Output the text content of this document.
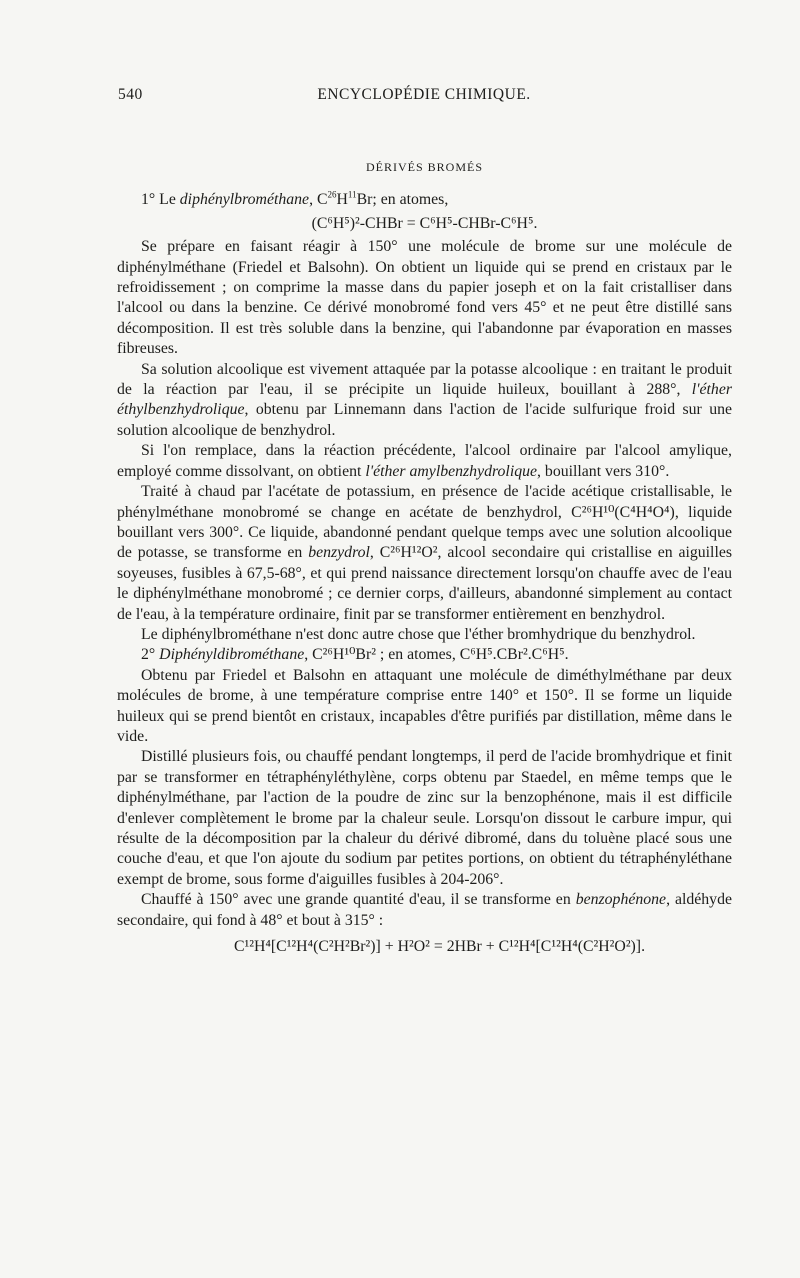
540	ENCYCLOPÉDIE CHIMIQUE.
DÉRIVÉS BROMÉS

1° Le diphénylbrométhane, $C^{26}H^{11}Br$; en atomes,

(C⁶H⁵)²-CHBr = C⁶H⁵-CHBr-C⁶H⁵.

Se prépare en faisant réagir à 150° une molécule de brome sur une molécule de diphénylméthane (Friedel et Balsohn). On obtient un liquide qui se prend en cristaux par le refroidissement ; on comprime la masse dans du papier joseph et on la fait cristalliser dans l'alcool ou dans la benzine. Ce dérivé monobromé fond vers 45° et ne peut être distillé sans décomposition. Il est très soluble dans la benzine, qui l'abandonne par évaporation en masses fibreuses.

Sa solution alcoolique est vivement attaquée par la potasse alcoolique : en traitant le produit de la réaction par l'eau, il se précipite un liquide huileux, bouillant à 288°, l'éther éthylbenzhydrolique, obtenu par Linnemann dans l'action de l'acide sulfurique froid sur une solution alcoolique de benzhydrol.

Si l'on remplace, dans la réaction précédente, l'alcool ordinaire par l'alcool amylique, employé comme dissolvant, on obtient l'éther amylbenzhydrolique, bouillant vers 310°.

Traité à chaud par l'acétate de potassium, en présence de l'acide acétique cristallisable, le phénylméthane monobromé se change en acétate de benzhydrol, C²⁶H¹⁰(C⁴H⁴O⁴), liquide bouillant vers 300°. Ce liquide, abandonné pendant quelque temps avec une solution alcoolique de potasse, se transforme en benzydrol, C²⁶H¹²O², alcool secondaire qui cristallise en aiguilles soyeuses, fusibles à 67,5-68°, et qui prend naissance directement lorsqu'on chauffe avec de l'eau le diphénylméthane monobromé ; ce dernier corps, d'ailleurs, abandonné simplement au contact de l'eau, à la température ordinaire, finit par se transformer entièrement en benzhydrol.

Le diphénylbrométhane n'est donc autre chose que l'éther bromhydrique du benzhydrol.

2° Diphényldibrométhane, C²⁶H¹⁰Br² ; en atomes, C⁶H⁵.CBr².C⁶H⁵.

Obtenu par Friedel et Balsohn en attaquant une molécule de diméthylméthane par deux molécules de brome, à une température comprise entre 140° et 150°. Il se forme un liquide huileux qui se prend bientôt en cristaux, incapables d'être purifiés par distillation, même dans le vide.

Distillé plusieurs fois, ou chauffé pendant longtemps, il perd de l'acide bromhydrique et finit par se transformer en tétraphényléthylène, corps obtenu par Staedel, en même temps que le diphénylméthane, par l'action de la poudre de zinc sur la benzophénone, mais il est difficile d'enlever complètement le brome par la chaleur seule. Lorsqu'on dissout le carbure impur, qui résulte de la décomposition par la chaleur du dérivé dibromé, dans du toluène placé sous une couche d'eau, et que l'on ajoute du sodium par petites portions, on obtient du tétraphényléthane exempt de brome, sous forme d'aiguilles fusibles à 204-206°.

Chauffé à 150° avec une grande quantité d'eau, il se transforme en benzophénone, aldéhyde secondaire, qui fond à 48° et bout à 315° :

C¹²H⁴[C¹²H⁴(C²H²Br²)] + H²O² = 2HBr + C¹²H⁴[C¹²H⁴(C²H²O²)].
